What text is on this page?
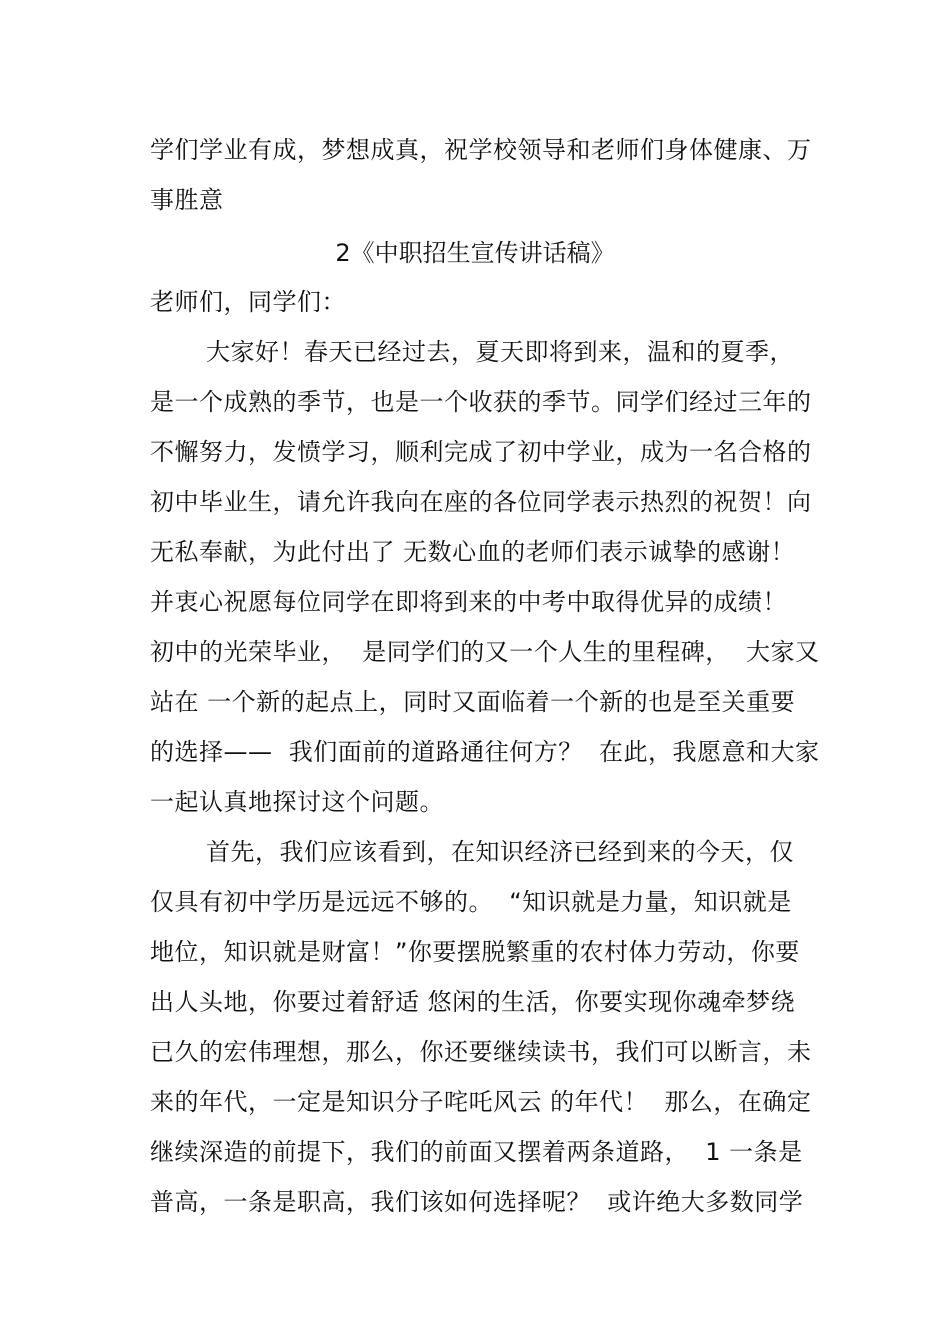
学们学业有成，梦想成真，祝学校领导和老师们身体健康、万
事胜意
2《中职招生宣传讲话稿》
老师们，同学们：
大家好！春天已经过去，夏天即将到来，温和的夏季，
是一个成熟的季节，也是一个收获的季节。同学们经过三年的
不懈努力，发愤学习，顺利完成了初中学业，成为一名合格的
初中毕业生，请允许我向在座的各位同学表示热烈的祝贺！向
无私奉献，为此付出了 无数心血的老师们表示诚挚的感谢！
并衷心祝愿每位同学在即将到来的中考中取得优异的成绩！
初中的光荣毕业，  是同学们的又一个人生的里程碑，  大家又
站在 一个新的起点上，同时又面临着一个新的也是至关重要
的选择——  我们面前的道路通往何方？  在此，我愿意和大家
一起认真地探讨这个问题。
首先，我们应该看到，在知识经济已经到来的今天，仅
仅具有初中学历是远远不够的。  “知识就是力量，知识就是
地位，知识就是财富！”你要摆脱繁重的农村体力劳动，你要
出人头地，你要过着舒适 悠闲的生活，你要实现你魂牵梦绕
已久的宏伟理想，那么，你还要继续读书，我们可以断言，未
来的年代，一定是知识分子咤吒风云 的年代！  那么，在确定
继续深造的前提下，我们的前面又摆着两条道路，  1 一条是
普高，一条是职高，我们该如何选择呢？  或许绝大多数同学
